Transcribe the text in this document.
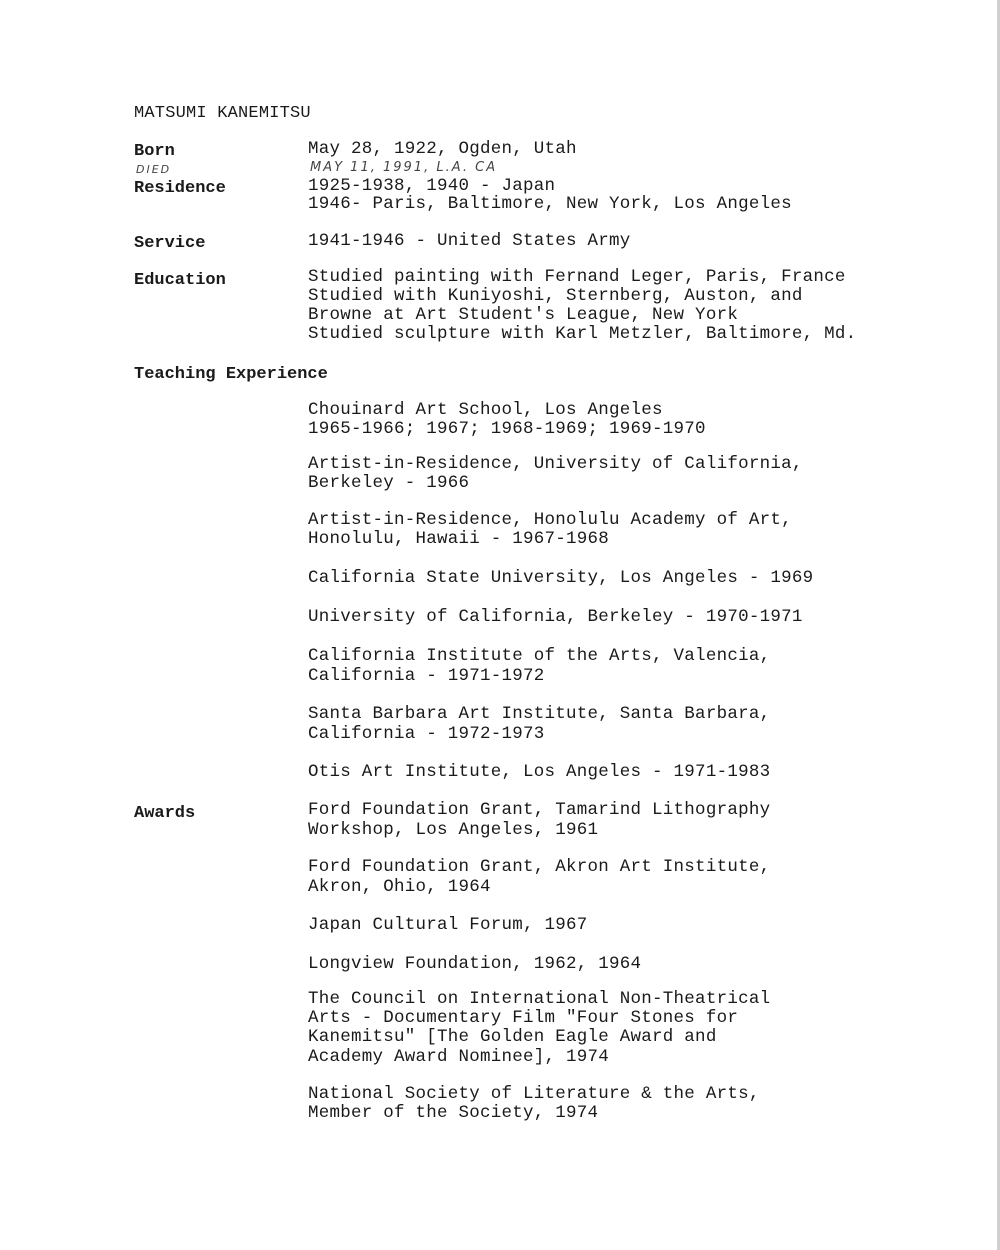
MATSUMI KANEMITSU
Born	May 28, 1922, Ogden, Utah
DIED	MAY 11, 1991, L.A. CA
Residence	1925-1938, 1940 - Japan
1946- Paris, Baltimore, New York, Los Angeles
Service	1941-1946 - United States Army
Education	Studied painting with Fernand Leger, Paris, France
Studied with Kuniyoshi, Sternberg, Auston, and
Browne at Art Student's League, New York
Studied sculpture with Karl Metzler, Baltimore, Md.
Teaching Experience
Chouinard Art School, Los Angeles
1965-1966; 1967; 1968-1969; 1969-1970
Artist-in-Residence, University of California,
Berkeley - 1966
Artist-in-Residence, Honolulu Academy of Art,
Honolulu, Hawaii - 1967-1968
California State University, Los Angeles - 1969
University of California, Berkeley - 1970-1971
California Institute of the Arts, Valencia,
California - 1971-1972
Santa Barbara Art Institute, Santa Barbara,
California - 1972-1973
Otis Art Institute, Los Angeles - 1971-1983
Awards	Ford Foundation Grant, Tamarind Lithography
Workshop, Los Angeles, 1961
Ford Foundation Grant, Akron Art Institute,
Akron, Ohio, 1964
Japan Cultural Forum, 1967
Longview Foundation, 1962, 1964
The Council on International Non-Theatrical
Arts - Documentary Film "Four Stones for
Kanemitsu" [The Golden Eagle Award and
Academy Award Nominee], 1974
National Society of Literature & the Arts,
Member of the Society, 1974
